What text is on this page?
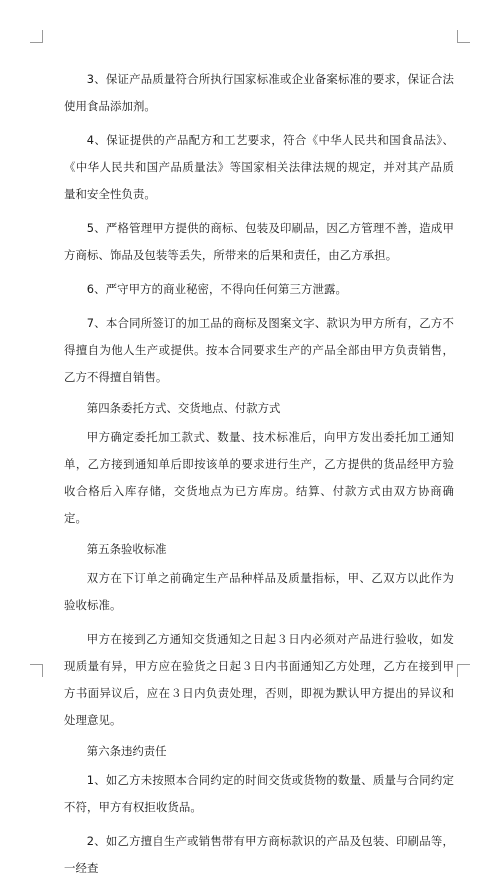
3、保证产品质量符合所执行国家标准或企业备案标准的要求，保证合法使用食品添加剂。

4、保证提供的产品配方和工艺要求，符合《中华人民共和国食品法》、《中华人民共和国产品质量法》等国家相关法律法规的规定，并对其产品质量和安全性负责。

5、严格管理甲方提供的商标、包装及印刷品，因乙方管理不善，造成甲方商标、饰品及包装等丢失，所带来的后果和责任，由乙方承担。

6、严守甲方的商业秘密，不得向任何第三方泄露。

7、本合同所签订的加工品的商标及图案文字、款识为甲方所有，乙方不得擅自为他人生产或提供。按本合同要求生产的产品全部由甲方负责销售，乙方不得擅自销售。

第四条委托方式、交货地点、付款方式

甲方确定委托加工款式、数量、技术标准后，向甲方发出委托加工通知单，乙方接到通知单后即按该单的要求进行生产，乙方提供的货品经甲方验收合格后入库存储，交货地点为已方库房。结算、付款方式由双方协商确定。

第五条验收标准

双方在下订单之前确定生产品种样品及质量指标，甲、乙双方以此作为验收标准。

甲方在接到乙方通知交货通知之日起３日内必须对产品进行验收，如发现质量有异，甲方应在验货之日起３日内书面通知乙方处理，乙方在接到甲方书面异议后，应在３日内负责处理，否则，即视为默认甲方提出的异议和处理意见。

第六条违约责任

1、如乙方未按照本合同约定的时间交货或货物的数量、质量与合同约定不符，甲方有权拒收货品。

2、如乙方擅自生产或销售带有甲方商标款识的产品及包装、印刷品等，一经查
